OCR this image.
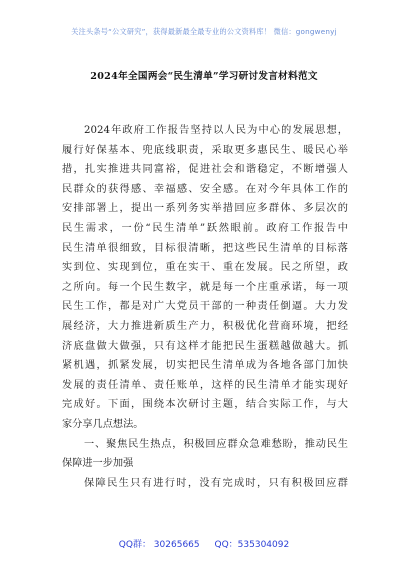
关注头条号“公文研究”，获得最新最全最专业的公文资料库！ 微信：gongwenyj
2024年全国两会“民生清单”学习研讨发言材料范文
2024年政府工作报告坚持以人民为中心的发展思想，
履行好保基本、兜底线职责，采取更多惠民生、暖民心举
措，扎实推进共同富裕，促进社会和谐稳定，不断增强人
民群众的获得感、幸福感、安全感。在对今年具体工作的
安排部署上，提出一系列务实举措回应多群体、多层次的
民生需求，一份“民生清单”跃然眼前。政府工作报告中
民生清单很细致，目标很清晰，把这些民生清单的目标落
实到位、实现到位，重在实干、重在发展。民之所望，政
之所向。每一个民生数字，就是每一个庄重承诺，每一项
民生工作，都是对广大党员干部的一种责任倒逼。大力发
展经济，大力推进新质生产力，积极优化营商环境，把经
济底盘做大做强，只有这样才能把民生蛋糕越做越大。抓
紧机遇，抓紧发展，切实把民生清单成为各地各部门加快
发展的责任清单、责任账单，这样的民生清单才能实现好
完成好。下面，围绕本次研讨主题，结合实际工作，与大
家分享几点想法。
一、聚焦民生热点，积极回应群众急难愁盼，推动民生
保障进一步加强
保障民生只有进行时，没有完成时，只有积极回应群
QQ群： 30265665 QQ：535304092
